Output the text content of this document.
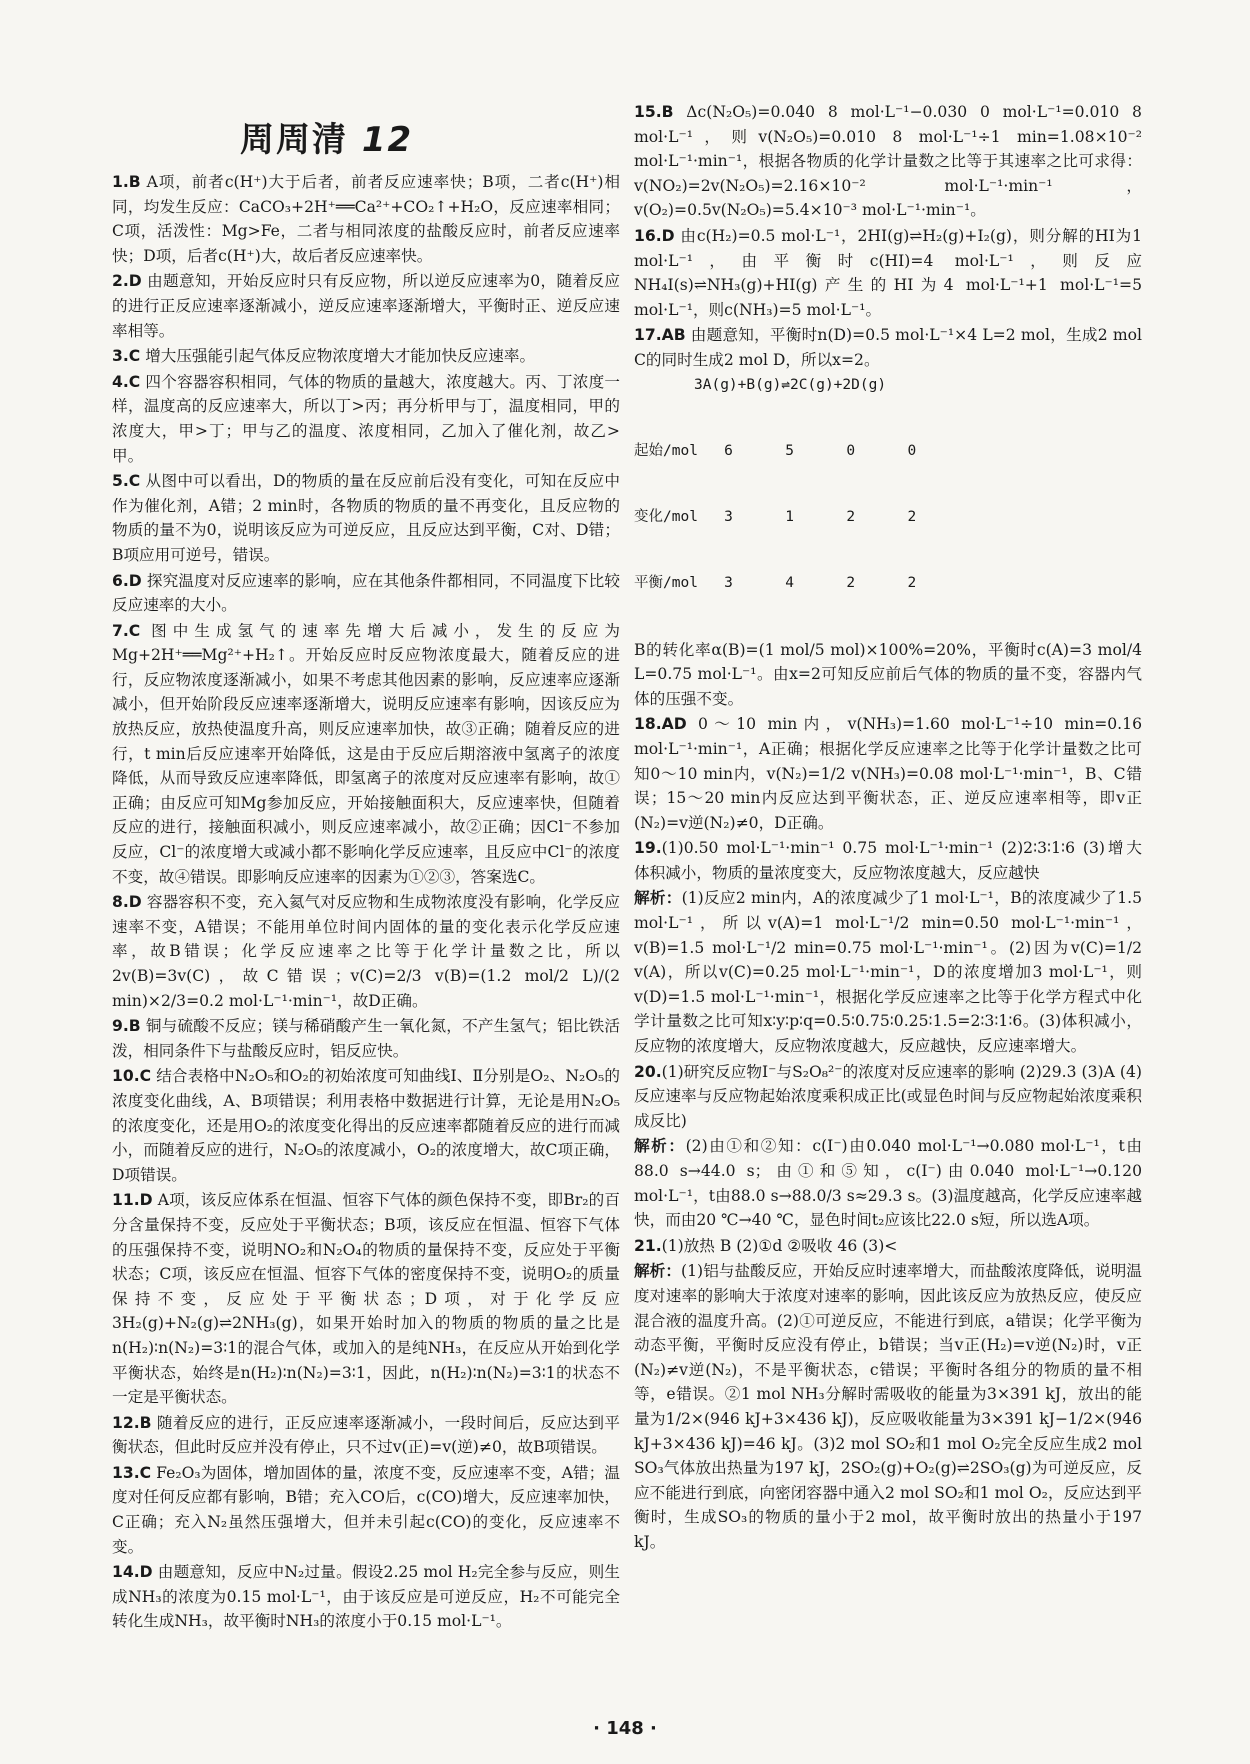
周周清 12
1.B A项，前者c(H⁺)大于后者，前者反应速率快；B项，二者c(H⁺)相同，均发生反应：CaCO₃+2H⁺══Ca²⁺+CO₂↑+H₂O，反应速率相同；C项，活泼性：Mg>Fe，二者与相同浓度的盐酸反应时，前者反应速率快；D项，后者c(H⁺)大，故后者反应速率快。
2.D 由题意知，开始反应时只有反应物，所以逆反应速率为0，随着反应的进行正反应速率逐渐减小，逆反应速率逐渐增大，平衡时正、逆反应速率相等。
3.C 增大压强能引起气体反应物浓度增大才能加快反应速率。
4.C 四个容器容积相同，气体的物质的量越大，浓度越大。丙、丁浓度一样，温度高的反应速率大，所以丁>丙；再分析甲与丁，温度相同，甲的浓度大，甲>丁；甲与乙的温度、浓度相同，乙加入了催化剂，故乙>甲。
5.C 从图中可以看出，D的物质的量在反应前后没有变化，可知在反应中作为催化剂，A错；2 min时，各物质的物质的量不再变化，且反应物的物质的量不为0，说明该反应为可逆反应，且反应达到平衡，C对、D错；B项应用可逆号，错误。
6.D 探究温度对反应速率的影响，应在其他条件都相同，不同温度下比较反应速率的大小。
7.C 图中生成氢气的速率先增大后减小，发生的反应为Mg+2H⁺══Mg²⁺+H₂↑。开始反应时反应物浓度最大，随着反应的进行，反应物浓度逐渐减小，如果不考虑其他因素的影响，反应速率应逐渐减小，但开始阶段反应速率逐渐增大，说明反应速率有影响，因该反应为放热反应，放热使温度升高，则反应速率加快，故③正确；随着反应的进行，t min后反应速率开始降低，这是由于反应后期溶液中氢离子的浓度降低，从而导致反应速率降低，即氢离子的浓度对反应速率有影响，故①正确；由反应可知Mg参加反应，开始接触面积大，反应速率快，但随着反应的进行，接触面积减小，则反应速率减小，故②正确；因Cl⁻不参加反应，Cl⁻的浓度增大或减小都不影响化学反应速率，且反应中Cl⁻的浓度不变，故④错误。即影响反应速率的因素为①②③，答案选C。
8.D 容器容积不变，充入氦气对反应物和生成物浓度没有影响，化学反应速率不变，A错误；不能用单位时间内固体的量的变化表示化学反应速率，故B错误；化学反应速率之比等于化学计量数之比，所以2v(B)=3v(C)，故C错误；v(C)=2/3 v(B)=(1.2 mol/2 L)/(2 min)×2/3=0.2 mol·L⁻¹·min⁻¹，故D正确。
9.B 铜与硫酸不反应；镁与稀硝酸产生一氧化氮，不产生氢气；铝比铁活泼，相同条件下与盐酸反应时，铝反应快。
10.C 结合表格中N₂O₅和O₂的初始浓度可知曲线Ⅰ、Ⅱ分别是O₂、N₂O₅的浓度变化曲线，A、B项错误；利用表格中数据进行计算，无论是用N₂O₅的浓度变化，还是用O₂的浓度变化得出的反应速率都随着反应的进行而减小，而随着反应的进行，N₂O₅的浓度减小，O₂的浓度增大，故C项正确，D项错误。
11.D A项，该反应体系在恒温、恒容下气体的颜色保持不变，即Br₂的百分含量保持不变，反应处于平衡状态；B项，该反应在恒温、恒容下气体的压强保持不变，说明NO₂和N₂O₄的物质的量保持不变，反应处于平衡状态；C项，该反应在恒温、恒容下气体的密度保持不变，说明O₂的质量保持不变，反应处于平衡状态；D项，对于化学反应3H₂(g)+N₂(g)⇌2NH₃(g)，如果开始时加入的物质的物质的量之比是n(H₂)∶n(N₂)=3∶1的混合气体，或加入的是纯NH₃，在反应从开始到化学平衡状态，始终是n(H₂)∶n(N₂)=3∶1，因此，n(H₂)∶n(N₂)=3∶1的状态不一定是平衡状态。
12.B 随着反应的进行，正反应速率逐渐减小，一段时间后，反应达到平衡状态，但此时反应并没有停止，只不过v(正)=v(逆)≠0，故B项错误。
13.C Fe₂O₃为固体，增加固体的量，浓度不变，反应速率不变，A错；温度对任何反应都有影响，B错；充入CO后，c(CO)增大，反应速率加快，C正确；充入N₂虽然压强增大，但并未引起c(CO)的变化，反应速率不变。
14.D 由题意知，反应中N₂过量。假设2.25 mol H₂完全参与反应，则生成NH₃的浓度为0.15 mol·L⁻¹，由于该反应是可逆反应，H₂不可能完全转化生成NH₃，故平衡时NH₃的浓度小于0.15 mol·L⁻¹。
15.B Δc(N₂O₅)=0.040 8 mol·L⁻¹−0.030 0 mol·L⁻¹=0.010 8 mol·L⁻¹，则v(N₂O₅)=0.010 8 mol·L⁻¹÷1 min=1.08×10⁻² mol·L⁻¹·min⁻¹，根据各物质的化学计量数之比等于其速率之比可求得：v(NO₂)=2v(N₂O₅)=2.16×10⁻² mol·L⁻¹·min⁻¹，v(O₂)=0.5v(N₂O₅)=5.4×10⁻³ mol·L⁻¹·min⁻¹。
16.D 由c(H₂)=0.5 mol·L⁻¹，2HI(g)⇌H₂(g)+I₂(g)，则分解的HI为1 mol·L⁻¹，由平衡时c(HI)=4 mol·L⁻¹，则反应NH₄I(s)⇌NH₃(g)+HI(g)产生的HI为4 mol·L⁻¹+1 mol·L⁻¹=5 mol·L⁻¹，则c(NH₃)=5 mol·L⁻¹。
17.AB 由题意知，平衡时n(D)=0.5 mol·L⁻¹×4 L=2 mol，生成2 mol C的同时生成2 mol D，所以x=2。
3A(g)+B(g)⇌2C(g)+2D(g)

起始/mol 6	5	0	0

变化/mol 3	1	2	2

平衡/mol 3	4	2	2

B的转化率α(B)=(1 mol/5 mol)×100%=20%，平衡时c(A)=3 mol/4 L=0.75 mol·L⁻¹。由x=2可知反应前后气体的物质的量不变，容器内气体的压强不变。
18.AD 0～10 min内，v(NH₃)=1.60 mol·L⁻¹÷10 min=0.16 mol·L⁻¹·min⁻¹，A正确；根据化学反应速率之比等于化学计量数之比可知0～10 min内，v(N₂)=1/2 v(NH₃)=0.08 mol·L⁻¹·min⁻¹，B、C错误；15～20 min内反应达到平衡状态，正、逆反应速率相等，即v正(N₂)=v逆(N₂)≠0，D正确。
19.(1)0.50 mol·L⁻¹·min⁻¹ 0.75 mol·L⁻¹·min⁻¹ (2)2∶3∶1∶6 (3)增大 体积减小，物质的量浓度变大，反应物浓度越大，反应越快
解析：(1)反应2 min内，A的浓度减少了1 mol·L⁻¹，B的浓度减少了1.5 mol·L⁻¹，所以v(A)=1 mol·L⁻¹/2 min=0.50 mol·L⁻¹·min⁻¹，v(B)=1.5 mol·L⁻¹/2 min=0.75 mol·L⁻¹·min⁻¹。(2)因为v(C)=1/2 v(A)，所以v(C)=0.25 mol·L⁻¹·min⁻¹，D的浓度增加3 mol·L⁻¹，则v(D)=1.5 mol·L⁻¹·min⁻¹，根据化学反应速率之比等于化学方程式中化学计量数之比可知x∶y∶p∶q=0.5∶0.75∶0.25∶1.5=2∶3∶1∶6。(3)体积减小，反应物的浓度增大，反应物浓度越大，反应越快，反应速率增大。
20.(1)研究反应物I⁻与S₂O₈²⁻的浓度对反应速率的影响 (2)29.3 (3)A (4)反应速率与反应物起始浓度乘积成正比(或显色时间与反应物起始浓度乘积成反比)
解析：(2)由①和②知：c(I⁻)由0.040 mol·L⁻¹→0.080 mol·L⁻¹，t由88.0 s→44.0 s；由①和⑤知，c(I⁻)由0.040 mol·L⁻¹→0.120 mol·L⁻¹，t由88.0 s→88.0/3 s≈29.3 s。(3)温度越高，化学反应速率越快，而由20 ℃→40 ℃，显色时间t₂应该比22.0 s短，所以选A项。
21.(1)放热 B (2)①d ②吸收 46 (3)<
解析：(1)铝与盐酸反应，开始反应时速率增大，而盐酸浓度降低，说明温度对速率的影响大于浓度对速率的影响，因此该反应为放热反应，使反应混合液的温度升高。(2)①可逆反应，不能进行到底，a错误；化学平衡为动态平衡，平衡时反应没有停止，b错误；当v正(H₂)=v逆(N₂)时，v正(N₂)≠v逆(N₂)，不是平衡状态，c错误；平衡时各组分的物质的量不相等，e错误。②1 mol NH₃分解时需吸收的能量为3×391 kJ，放出的能量为1/2×(946 kJ+3×436 kJ)，反应吸收能量为3×391 kJ−1/2×(946 kJ+3×436 kJ)=46 kJ。(3)2 mol SO₂和1 mol O₂完全反应生成2 mol SO₃气体放出热量为197 kJ，2SO₂(g)+O₂(g)⇌2SO₃(g)为可逆反应，反应不能进行到底，向密闭容器中通入2 mol SO₂和1 mol O₂，反应达到平衡时，生成SO₃的物质的量小于2 mol，故平衡时放出的热量小于197 kJ。
· 148 ·
